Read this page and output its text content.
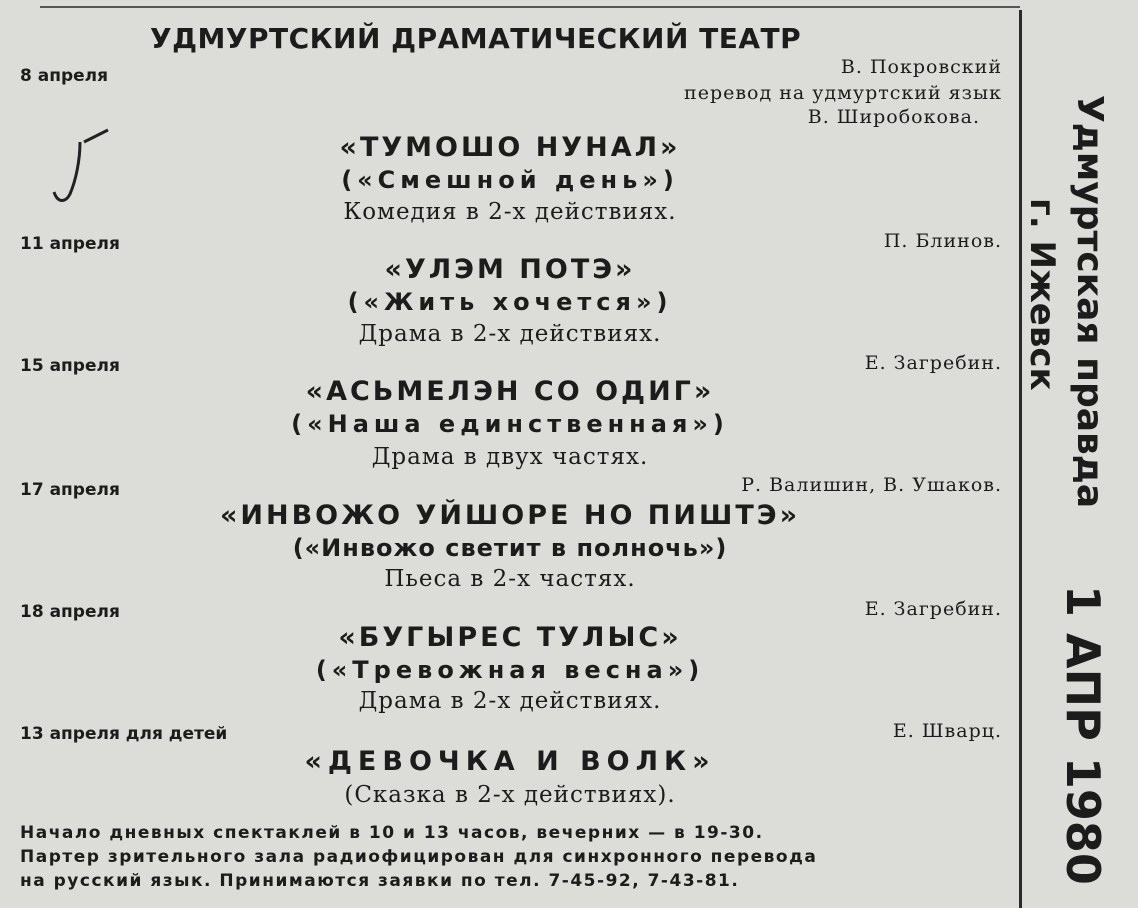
УДМУРТСКИЙ ДРАМАТИЧЕСКИЙ ТЕАТР
8 апреля	В. Покровский
перевод на удмуртский язык
В. Широбокова.
«ТУМОШО НУНАЛ»
(«Смешной день»)
Комедия в 2-х действиях.
11 апреля	П. Блинов.
«УЛЭМ ПОТЭ»
(«Жить хочется»)
Драма в 2-х действиях.
15 апреля	Е. Загребин.
«АСЬМЕЛЭН СО ОДИГ»
(«Наша единственная»)
Драма в двух частях.
17 апреля	Р. Валишин, В. Ушаков.
«ИНВОЖО УЙШОРЕ НО ПИШТЭ»
(«Инвожо светит в полночь»)
Пьеса в 2-х частях.
18 апреля	Е. Загребин.
«БУГЫРЕС ТУЛЫС»
(«Тревожная весна»)
Драма в 2-х действиях.
13 апреля для детей	Е. Шварц.
«ДЕВОЧКА И ВОЛК»
(Сказка в 2-х действиях).
Начало дневных спектаклей в 10 и 13 часов, вечерних — в 19-30.
Партер зрительного зала радиофицирован для синхронного перевода
на русский язык. Принимаются заявки по тел. 7-45-92, 7-43-81.
Удмуртская правда
г. Ижевск
1 АПР 1980
